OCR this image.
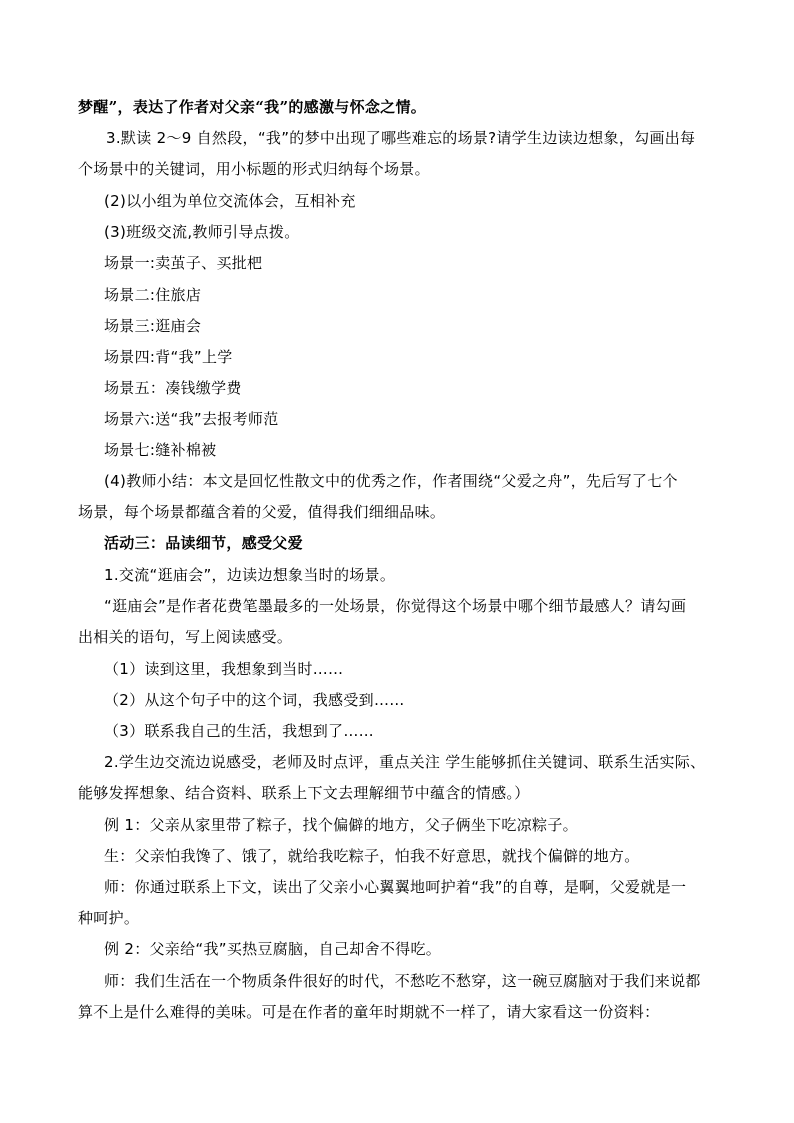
梦醒”，表达了作者对父亲“我”的感激与怀念之情。
3.默读 2～9 自然段，“我”的梦中出现了哪些难忘的场景?请学生边读边想象，勾画出每
个场景中的关键词，用小标题的形式归纳每个场景。
(2)以小组为单位交流体会，互相补充
(3)班级交流,教师引导点拨。
场景一:卖茧子、买批杷
场景二:住旅店
场景三:逛庙会
场景四:背“我”上学
场景五：凑钱缴学费
场景六:送“我”去报考师范
场景七:缝补棉被
(4)教师小结：本文是回忆性散文中的优秀之作，作者围绕“父爱之舟”，先后写了七个
场景，每个场景都蕴含着的父爱，值得我们细细品味。
活动三：品读细节，感受父爱
1.交流“逛庙会”，边读边想象当时的场景。
“逛庙会”是作者花费笔墨最多的一处场景，你觉得这个场景中哪个细节最感人？请勾画
出相关的语句，写上阅读感受。
（1）读到这里，我想象到当时……
（2）从这个句子中的这个词，我感受到……
（3）联系我自己的生活，我想到了……
2.学生边交流边说感受，老师及时点评，重点关注 学生能够抓住关键词、联系生活实际、
能够发挥想象、结合资料、联系上下文去理解细节中蕴含的情感。）
例 1：父亲从家里带了粽子，找个偏僻的地方，父子俩坐下吃凉粽子。
生：父亲怕我馋了、饿了，就给我吃粽子，怕我不好意思，就找个偏僻的地方。
师：你通过联系上下文，读出了父亲小心翼翼地呵护着“我”的自尊，是啊，父爱就是一
种呵护。
例 2：父亲给“我”买热豆腐脑，自己却舍不得吃。
师：我们生活在一个物质条件很好的时代，不愁吃不愁穿，这一碗豆腐脑对于我们来说都
算不上是什么难得的美味。可是在作者的童年时期就不一样了，请大家看这一份资料：
